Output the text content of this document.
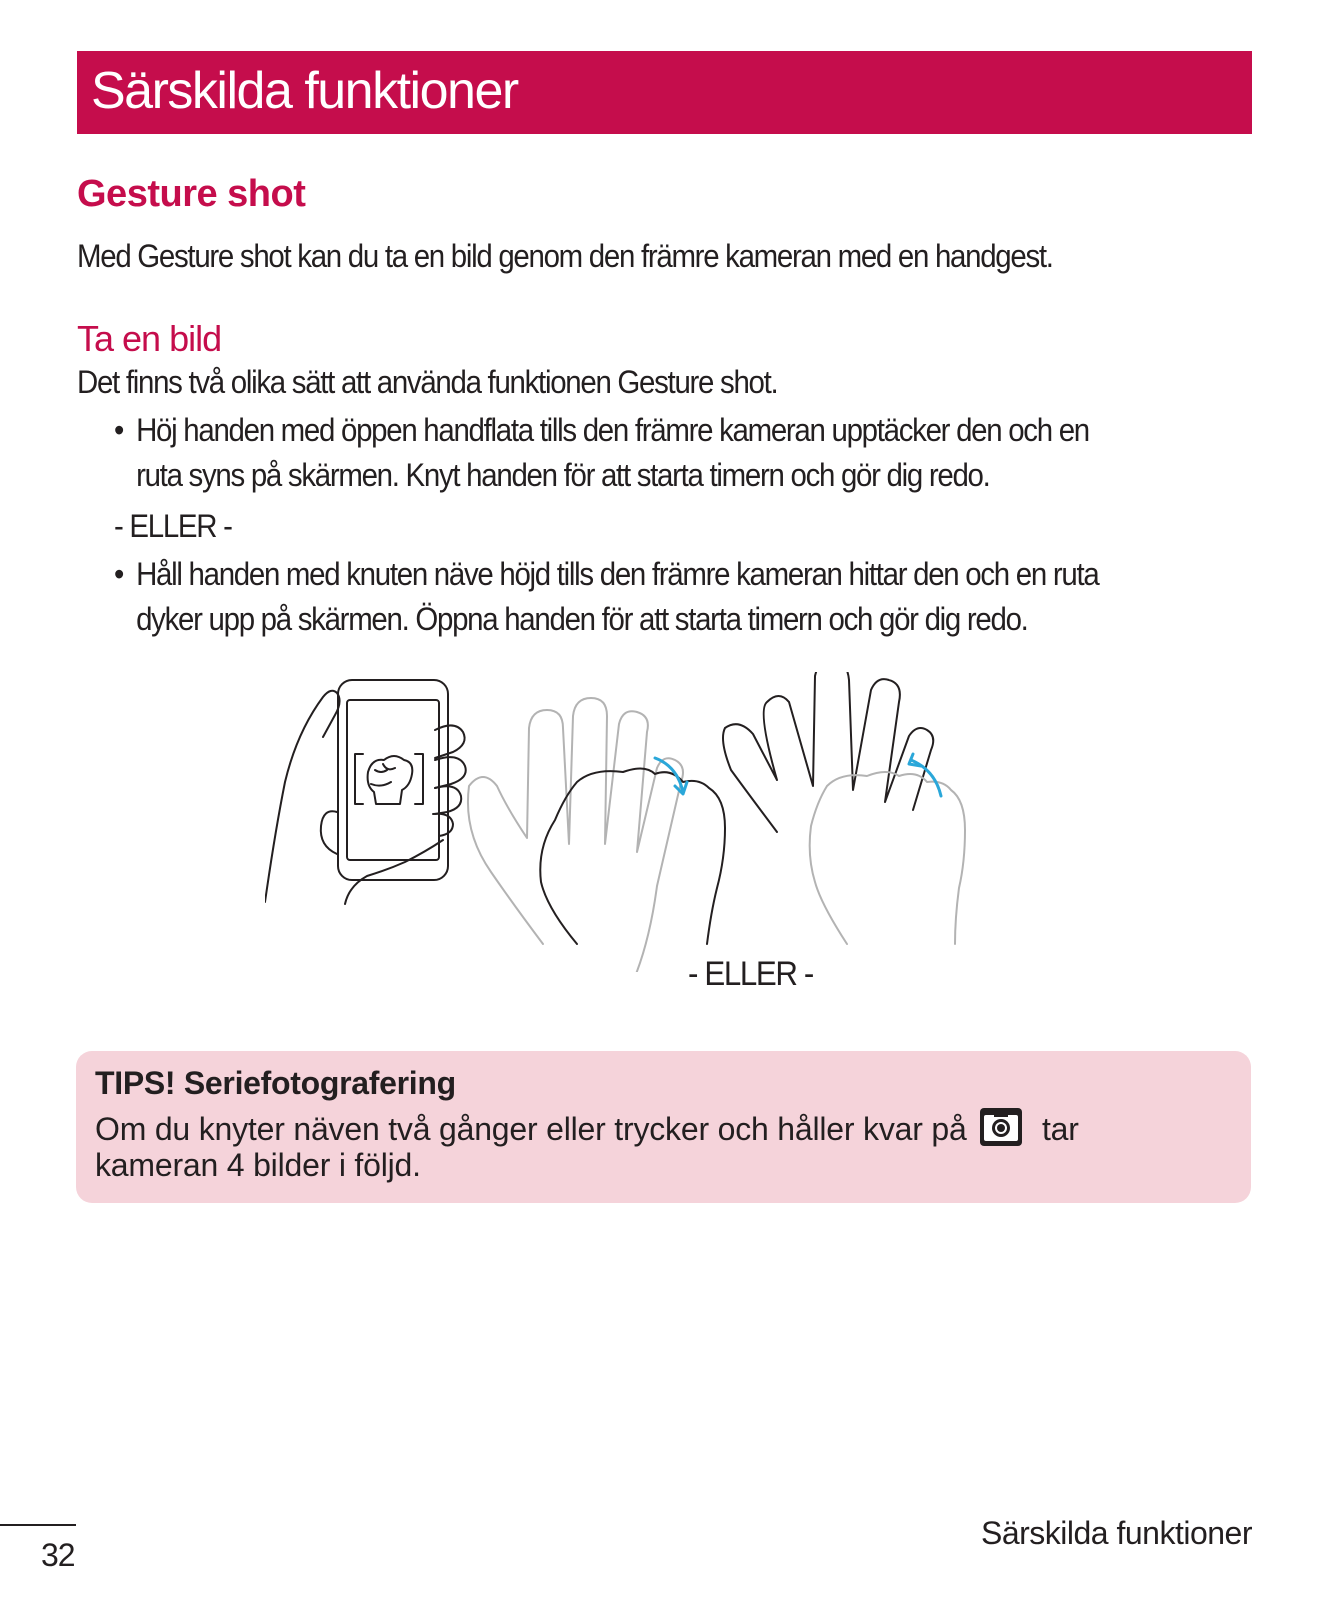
Särskilda funktioner
Gesture shot

Med Gesture shot kan du ta en bild genom den främre kameran med en handgest.

Ta en bild

Det finns två olika sätt att använda funktionen Gesture shot.

• Höj handen med öppen handflata tills den främre kameran upptäcker den och en
ruta syns på skärmen. Knyt handen för att starta timern och gör dig redo.

- ELLER -

• Håll handen med knuten näve höjd tills den främre kameran hittar den och en ruta
dyker upp på skärmen. Öppna handen för att starta timern och gör dig redo.
- ELLER -
TIPS! Seriefotografering
Om du knyter näven två gånger eller trycker och håller kvar på tar
kameran 4 bilder i följd.
32
Särskilda funktioner
